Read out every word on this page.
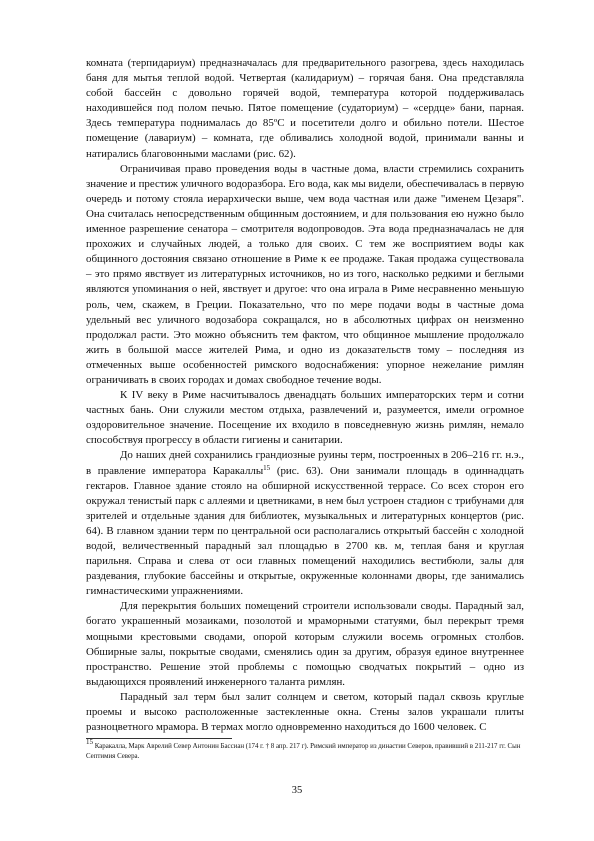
комната (терпидариум) предназначалась для предварительного разогрева, здесь находилась баня для мытья теплой водой. Четвертая (калидариум) – горячая баня. Она представляла собой бассейн с довольно горячей водой, температура которой поддерживалась находившейся под полом печью. Пятое помещение (судаториум) – «сердце» бани, парная. Здесь температура поднималась до 85ºС и посетители долго и обильно потели. Шестое помещение (лавариум) – комната, где обливались холодной водой, принимали ванны и натирались благовонными маслами (рис. 62).

Ограничивая право проведения воды в частные дома, власти стремились сохранить значение и престиж уличного водоразбора. Его вода, как мы видели, обеспечивалась в первую очередь и потому стояла иерархически выше, чем вода частная или даже "именем Цезаря". Она считалась непосредственным общинным достоянием, и для пользования ею нужно было именное разрешение сенатора – смотрителя водопроводов. Эта вода предназначалась не для прохожих и случайных людей, а только для своих. С тем же восприятием воды как общинного достояния связано отношение в Риме к ее продаже. Такая продажа существовала – это прямо явствует из литературных источников, но из того, насколько редкими и беглыми являются упоминания о ней, явствует и другое: что она играла в Риме несравненно меньшую роль, чем, скажем, в Греции. Показательно, что по мере подачи воды в частные дома удельный вес уличного водозабора сокращался, но в абсолютных цифрах он неизменно продолжал расти. Это можно объяснить тем фактом, что общинное мышление продолжало жить в большой массе жителей Рима, и одно из доказательств тому – последняя из отмеченных выше особенностей римского водоснабжения: упорное нежелание римлян ограничивать в своих городах и домах свободное течение воды.

К IV веку в Риме насчитывалось двенадцать больших императорских терм и сотни частных бань. Они служили местом отдыха, развлечений и, разумеется, имели огромное оздоровительное значение. Посещение их входило в повседневную жизнь римлян, немало способствуя прогрессу в области гигиены и санитарии.

До наших дней сохранились грандиозные руины терм, построенных в 206–216 гг. н.э., в правление императора Каракаллы$^{15}$ (рис. 63). Они занимали площадь в одиннадцать гектаров. Главное здание стояло на обширной искусственной террасе. Со всех сторон его окружал тенистый парк с аллеями и цветниками, в нем был устроен стадион с трибунами для зрителей и отдельные здания для библиотек, музыкальных и литературных концертов (рис. 64). В главном здании терм по центральной оси располагались открытый бассейн с холодной водой, величественный парадный зал площадью в 2700 кв. м, теплая баня и круглая парильня. Справа и слева от оси главных помещений находились вестибюли, залы для раздевания, глубокие бассейны и открытые, окруженные колоннами дворы, где занимались гимнастическими упражнениями.

Для перекрытия больших помещений строители использовали своды. Парадный зал, богато украшенный мозаиками, позолотой и мраморными статуями, был перекрыт тремя мощными крестовыми сводами, опорой которым служили восемь огромных столбов. Обширные залы, покрытые сводами, сменялись один за другим, образуя единое внутреннее пространство. Решение этой проблемы с помощью сводчатых покрытий – одно из выдающихся проявлений инженерного таланта римлян.

Парадный зал терм был залит солнцем и светом, который падал сквозь круглые проемы и высоко расположенные застекленные окна. Стены залов украшали плиты разноцветного мрамора. В термах могло одновременно находиться до 1600 человек. С

$^{15}$ Каракалла, Марк Аврелий Север Антонин Бассиан (174 г. † 8 апр. 217 г). Римский император из династии Северов, правивший в 211-217 гг. Сын Септимия Севера.
35
